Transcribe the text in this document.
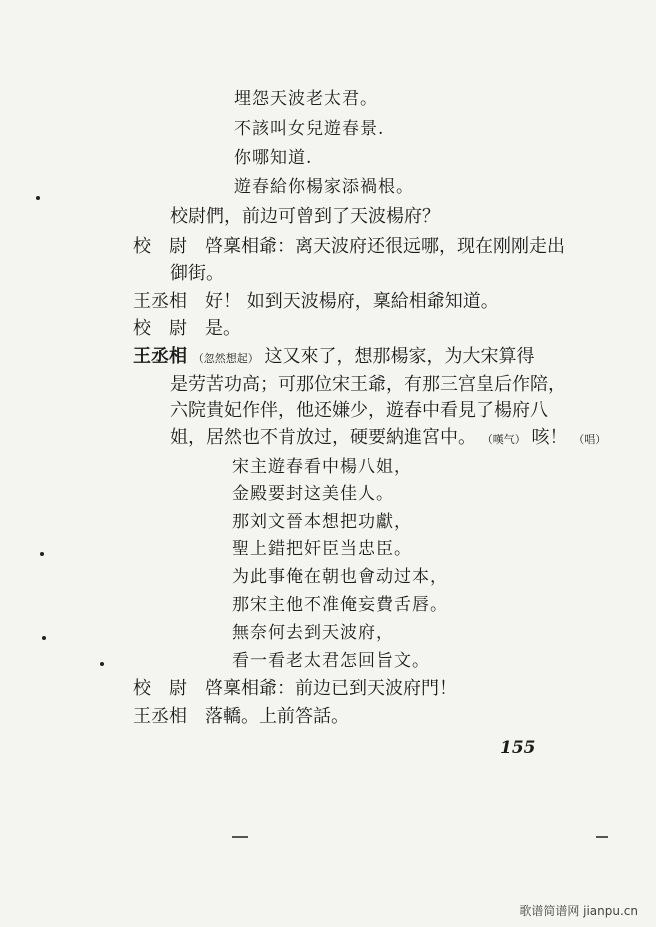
埋怨天波老太君。
不該叫女兒遊春景.
你哪知道.
遊春給你楊家添禍根。
校尉們，前边可曾到了天波楊府？
校　尉　啓稟相爺：离天波府还很远哪，现在刚刚走出
御街。
王丞相　好！ 如到天波楊府，稟給相爺知道。
校　尉　是。
王丞相 （忽然想起） 这又來了，想那楊家，为大宋算得
是劳苦功高；可那位宋王爺，有那三宫皇后作陪，
六院貴妃作伴，他还嫌少，遊春中看見了楊府八
姐，居然也不肯放过，硬要納進宮中。 （嘆气） 咳！ （唱）
宋主遊春看中楊八姐，
金殿要封这美佳人。
那刘文晉本想把功獻，
聖上錯把奸臣当忠臣。
为此事俺在朝也會动过本，
那宋主他不准俺妄費舌唇。
無奈何去到天波府，
看一看老太君怎回旨文。
校　尉　啓稟相爺：前边已到天波府門！
王丞相　落轎。上前答話。
155
歌谱简谱网 jianpu.cn
